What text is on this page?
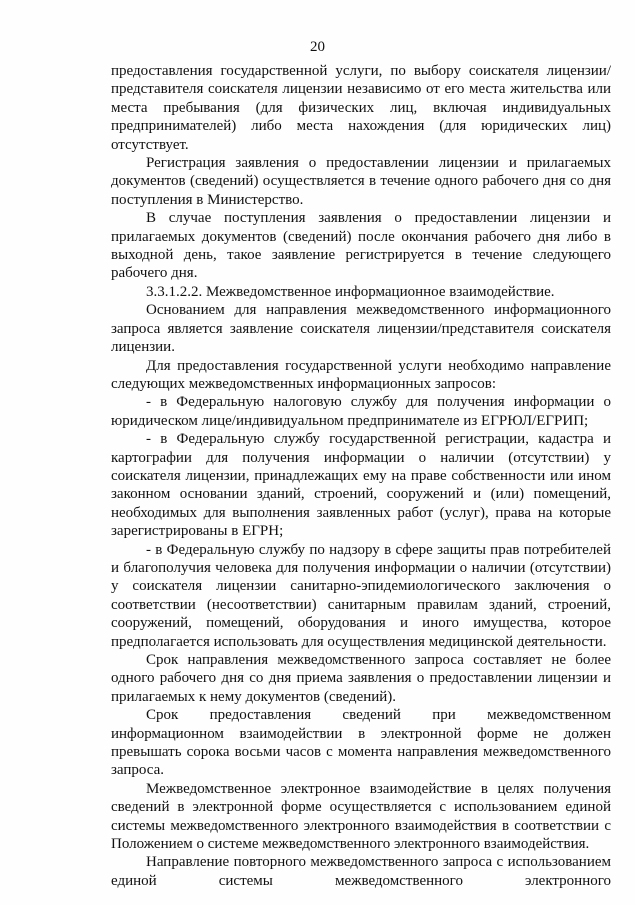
20

предоставления государственной услуги, по выбору соискателя лицензии/представителя соискателя лицензии независимо от его места жительства или места пребывания (для физических лиц, включая индивидуальных предпринимателей) либо места нахождения (для юридических лиц) отсутствует.

Регистрация заявления о предоставлении лицензии и прилагаемых документов (сведений) осуществляется в течение одного рабочего дня со дня поступления в Министерство.

В случае поступления заявления о предоставлении лицензии и прилагаемых документов (сведений) после окончания рабочего дня либо в выходной день, такое заявление регистрируется в течение следующего рабочего дня.

3.3.1.2.2. Межведомственное информационное взаимодействие.

Основанием для направления межведомственного информационного запроса является заявление соискателя лицензии/представителя соискателя лицензии.

Для предоставления государственной услуги необходимо направление следующих межведомственных информационных запросов:

- в Федеральную налоговую службу для получения информации о юридическом лице/индивидуальном предпринимателе из ЕГРЮЛ/ЕГРИП;

- в Федеральную службу государственной регистрации, кадастра и картографии для получения информации о наличии (отсутствии) у соискателя лицензии, принадлежащих ему на праве собственности или ином законном основании зданий, строений, сооружений и (или) помещений, необходимых для выполнения заявленных работ (услуг), права на которые зарегистрированы в ЕГРН;

- в Федеральную службу по надзору в сфере защиты прав потребителей и благополучия человека для получения информации о наличии (отсутствии) у соискателя лицензии санитарно-эпидемиологического заключения о соответствии (несоответствии) санитарным правилам зданий, строений, сооружений, помещений, оборудования и иного имущества, которое предполагается использовать для осуществления медицинской деятельности.

Срок направления межведомственного запроса составляет не более одного рабочего дня со дня приема заявления о предоставлении лицензии и прилагаемых к нему документов (сведений).

Срок предоставления сведений при межведомственном информационном взаимодействии в электронной форме не должен превышать сорока восьми часов с момента направления межведомственного запроса.

Межведомственное электронное взаимодействие в целях получения сведений в электронной форме осуществляется с использованием единой системы межведомственного электронного взаимодействия в соответствии с Положением о системе межведомственного электронного взаимодействия.

Направление повторного межведомственного запроса с использованием единой системы межведомственного электронного
